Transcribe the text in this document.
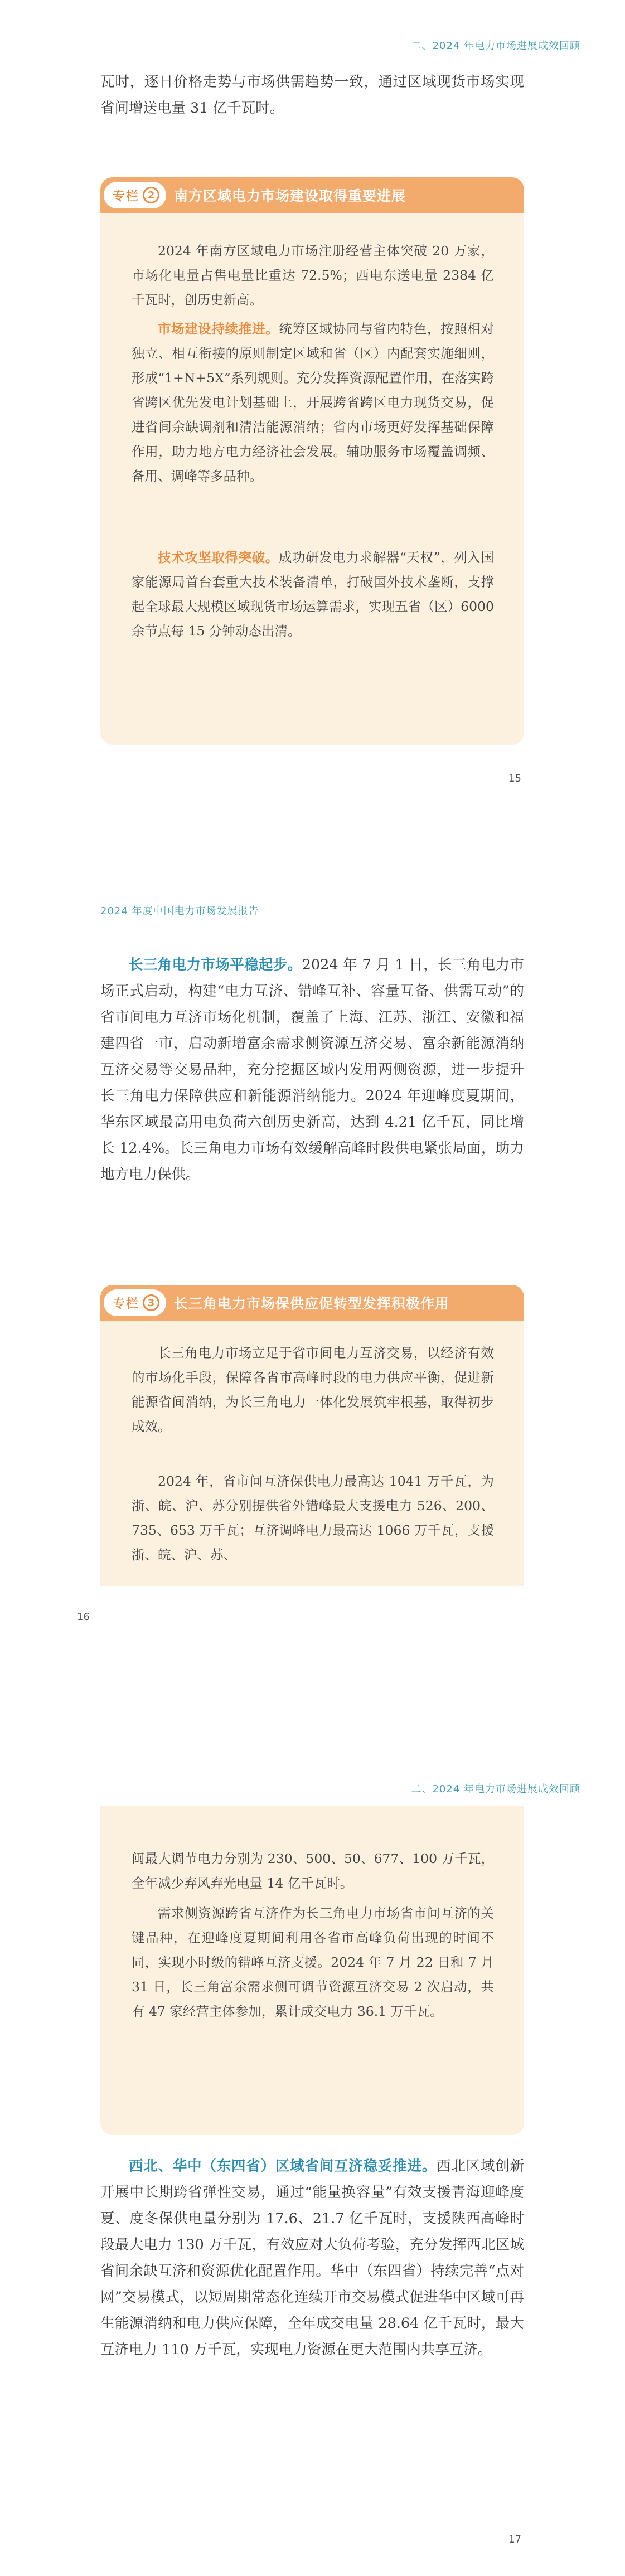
二、2024 年电力市场进展成效回顾

瓦时，逐日价格走势与市场供需趋势一致，通过区域现货市场实现省间增送电量 31 亿千瓦时。

专栏 2	南方区域电力市场建设取得重要进展

2024 年南方区域电力市场注册经营主体突破 20 万家，市场化电量占售电量比重达 72.5%；西电东送电量 2384 亿千瓦时，创历史新高。

市场建设持续推进。统筹区域协同与省内特色，按照相对独立、相互衔接的原则制定区域和省（区）内配套实施细则，形成“1+N+5X”系列规则。充分发挥资源配置作用，在落实跨省跨区优先发电计划基础上，开展跨省跨区电力现货交易，促进省间余缺调剂和清洁能源消纳；省内市场更好发挥基础保障作用，助力地方电力经济社会发展。辅助服务市场覆盖调频、备用、调峰等多品种。

技术攻坚取得突破。成功研发电力求解器“天权”，列入国家能源局首台套重大技术装备清单，打破国外技术垄断，支撑起全球最大规模区域现货市场运算需求，实现五省（区）6000 余节点每 15 分钟动态出清。

15
2024 年度中国电力市场发展报告

长三角电力市场平稳起步。2024 年 7 月 1 日，长三角电力市场正式启动，构建“电力互济、错峰互补、容量互备、供需互动”的省市间电力互济市场化机制，覆盖了上海、江苏、浙江、安徽和福建四省一市，启动新增富余需求侧资源互济交易、富余新能源消纳互济交易等交易品种，充分挖掘区域内发用两侧资源，进一步提升长三角电力保障供应和新能源消纳能力。2024 年迎峰度夏期间，华东区域最高用电负荷六创历史新高，达到 4.21 亿千瓦，同比增长 12.4%。长三角电力市场有效缓解高峰时段供电紧张局面，助力地方电力保供。

专栏 3	长三角电力市场保供应促转型发挥积极作用

长三角电力市场立足于省市间电力互济交易，以经济有效的市场化手段，保障各省市高峰时段的电力供应平衡，促进新能源省间消纳，为长三角电力一体化发展筑牢根基，取得初步成效。

2024 年，省市间互济保供电力最高达 1041 万千瓦，为浙、皖、沪、苏分别提供省外错峰最大支援电力 526、200、735、653 万千瓦；互济调峰电力最高达 1066 万千瓦，支援浙、皖、沪、苏、

16
二、2024 年电力市场进展成效回顾

闽最大调节电力分别为 230、500、50、677、100 万千瓦，全年减少弃风弃光电量 14 亿千瓦时。

需求侧资源跨省互济作为长三角电力市场省市间互济的关键品种，在迎峰度夏期间利用各省市高峰负荷出现的时间不同，实现小时级的错峰互济支援。2024 年 7 月 22 日和 7 月 31 日，长三角富余需求侧可调节资源互济交易 2 次启动，共有 47 家经营主体参加，累计成交电力 36.1 万千瓦。

西北、华中（东四省）区域省间互济稳妥推进。西北区域创新开展中长期跨省弹性交易，通过“能量换容量”有效支援青海迎峰度夏、度冬保供电量分别为 17.6、21.7 亿千瓦时，支援陕西高峰时段最大电力 130 万千瓦，有效应对大负荷考验，充分发挥西北区域省间余缺互济和资源优化配置作用。华中（东四省）持续完善“点对网”交易模式，以短周期常态化连续开市交易模式促进华中区域可再生能源消纳和电力供应保障，全年成交电量 28.64 亿千瓦时，最大互济电力 110 万千瓦，实现电力资源在更大范围内共享互济。

17
